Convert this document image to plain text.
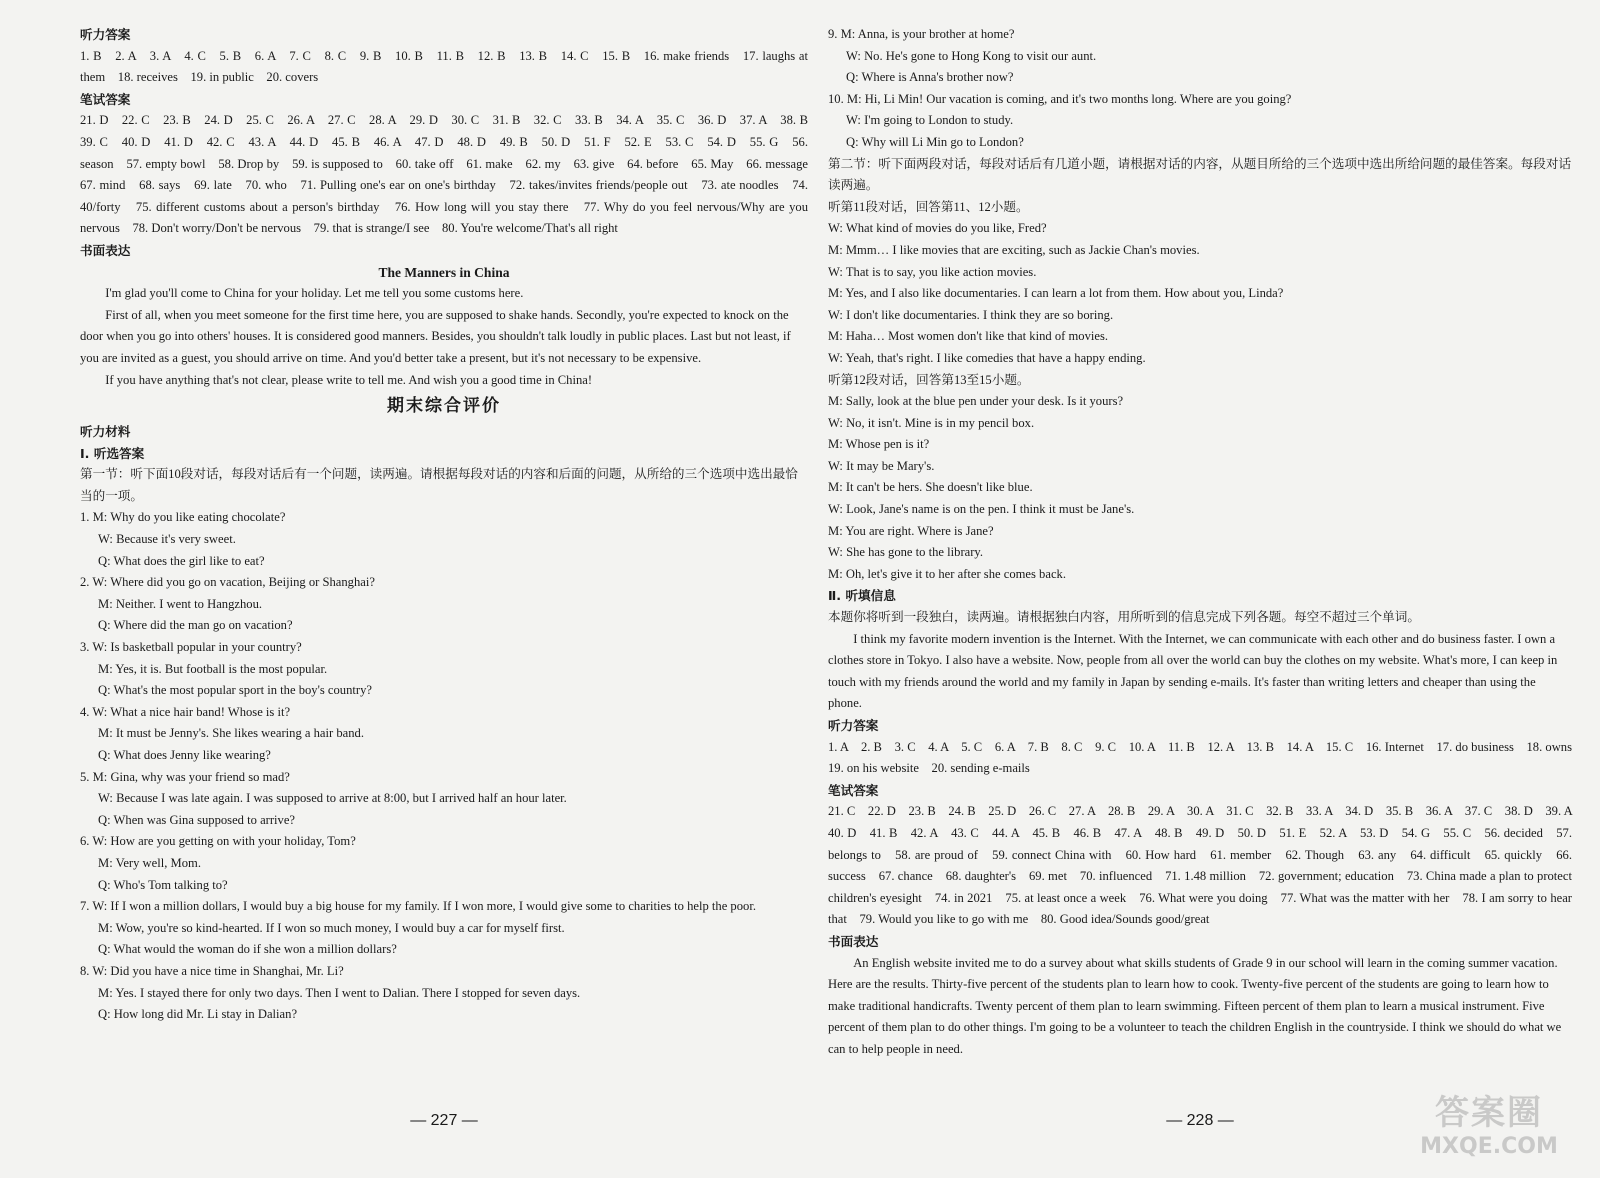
听力答案

1. B　2. A　3. A　4. C　5. B　6. A　7. C　8. C　9. B　10. B　11. B　12. B　13. B　14. C　15. B　16. make friends　17. laughs at them　18. receives　19. in public　20. covers

笔试答案

21. D　22. C　23. B　24. D　25. C　26. A　27. C　28. A　29. D　30. C　31. B　32. C　33. B　34. A　35. C　36. D　37. A　38. B　39. C　40. D　41. D　42. C　43. A　44. D　45. B　46. A　47. D　48. D　49. B　50. D　51. F　52. E　53. C　54. D　55. G　56. season　57. empty bowl　58. Drop by　59. is supposed to　60. take off　61. make　62. my　63. give　64. before　65. May　66. message　67. mind　68. says　69. late　70. who　71. Pulling one's ear on one's birthday　72. takes/invites friends/people out　73. ate noodles　74. 40/forty　75. different customs about a person's birthday　76. How long will you stay there　77. Why do you feel nervous/Why are you nervous　78. Don't worry/Don't be nervous　79. that is strange/I see　80. You're welcome/That's all right

书面表达

The Manners in China

I'm glad you'll come to China for your holiday. Let me tell you some customs here.

First of all, when you meet someone for the first time here, you are supposed to shake hands. Secondly, you're expected to knock on the door when you go into others' houses. It is considered good manners. Besides, you shouldn't talk loudly in public places. Last but not least, if you are invited as a guest, you should arrive on time. And you'd better take a present, but it's not necessary to be expensive.

If you have anything that's not clear, please write to tell me. And wish you a good time in China!

期末综合评价

听力材料

Ⅰ. 听选答案

第一节：听下面10段对话，每段对话后有一个问题，读两遍。请根据每段对话的内容和后面的问题，从所给的三个选项中选出最恰当的一项。

1. M: Why do you like eating chocolate?

W: Because it's very sweet.

Q: What does the girl like to eat?

2. W: Where did you go on vacation, Beijing or Shanghai?

M: Neither. I went to Hangzhou.

Q: Where did the man go on vacation?

3. W: Is basketball popular in your country?

M: Yes, it is. But football is the most popular.

Q: What's the most popular sport in the boy's country?

4. W: What a nice hair band! Whose is it?

M: It must be Jenny's. She likes wearing a hair band.

Q: What does Jenny like wearing?

5. M: Gina, why was your friend so mad?

W: Because I was late again. I was supposed to arrive at 8:00, but I arrived half an hour later.

Q: When was Gina supposed to arrive?

6. W: How are you getting on with your holiday, Tom?

M: Very well, Mom.

Q: Who's Tom talking to?

7. W: If I won a million dollars, I would buy a big house for my family. If I won more, I would give some to charities to help the poor.

M: Wow, you're so kind-hearted. If I won so much money, I would buy a car for myself first.

Q: What would the woman do if she won a million dollars?

8. W: Did you have a nice time in Shanghai, Mr. Li?

M: Yes. I stayed there for only two days. Then I went to Dalian. There I stopped for seven days.

Q: How long did Mr. Li stay in Dalian?

— 227 —

9. M: Anna, is your brother at home?

W: No. He's gone to Hong Kong to visit our aunt.

Q: Where is Anna's brother now?

10. M: Hi, Li Min! Our vacation is coming, and it's two months long. Where are you going?

W: I'm going to London to study.

Q: Why will Li Min go to London?

第二节：听下面两段对话，每段对话后有几道小题，请根据对话的内容，从题目所给的三个选项中选出所给问题的最佳答案。每段对话读两遍。

听第11段对话，回答第11、12小题。

W: What kind of movies do you like, Fred?

M: Mmm… I like movies that are exciting, such as Jackie Chan's movies.

W: That is to say, you like action movies.

M: Yes, and I also like documentaries. I can learn a lot from them. How about you, Linda?

W: I don't like documentaries. I think they are so boring.

M: Haha… Most women don't like that kind of movies.

W: Yeah, that's right. I like comedies that have a happy ending.

听第12段对话，回答第13至15小题。

M: Sally, look at the blue pen under your desk. Is it yours?

W: No, it isn't. Mine is in my pencil box.

M: Whose pen is it?

W: It may be Mary's.

M: It can't be hers. She doesn't like blue.

W: Look, Jane's name is on the pen. I think it must be Jane's.

M: You are right. Where is Jane?

W: She has gone to the library.

M: Oh, let's give it to her after she comes back.

Ⅱ. 听填信息

本题你将听到一段独白，读两遍。请根据独白内容，用所听到的信息完成下列各题。每空不超过三个单词。

I think my favorite modern invention is the Internet. With the Internet, we can communicate with each other and do business faster. I own a clothes store in Tokyo. I also have a website. Now, people from all over the world can buy the clothes on my website. What's more, I can keep in touch with my friends around the world and my family in Japan by sending e-mails. It's faster than writing letters and cheaper than using the phone.

听力答案

1. A　2. B　3. C　4. A　5. C　6. A　7. B　8. C　9. C　10. A　11. B　12. A　13. B　14. A　15. C　16. Internet　17. do business　18. owns　19. on his website　20. sending e-mails

笔试答案

21. C　22. D　23. B　24. B　25. D　26. C　27. A　28. B　29. A　30. A　31. C　32. B　33. A　34. D　35. B　36. A　37. C　38. D　39. A　40. D　41. B　42. A　43. C　44. A　45. B　46. B　47. A　48. B　49. D　50. D　51. E　52. A　53. D　54. G　55. C　56. decided　57. belongs to　58. are proud of　59. connect China with　60. How hard　61. member　62. Though　63. any　64. difficult　65. quickly　66. success　67. chance　68. daughter's　69. met　70. influenced　71. 1.48 million　72. government; education　73. China made a plan to protect children's eyesight　74. in 2021　75. at least once a week　76. What were you doing　77. What was the matter with her　78. I am sorry to hear that　79. Would you like to go with me　80. Good idea/Sounds good/great

书面表达

An English website invited me to do a survey about what skills students of Grade 9 in our school will learn in the coming summer vacation. Here are the results. Thirty-five percent of the students plan to learn how to cook. Twenty-five percent of the students are going to learn how to make traditional handicrafts. Twenty percent of them plan to learn swimming. Fifteen percent of them plan to learn a musical instrument. Five percent of them plan to do other things. I'm going to be a volunteer to teach the children English in the countryside. I think we should do what we can to help people in need.

— 228 —	答案圈
MXQE.COM
